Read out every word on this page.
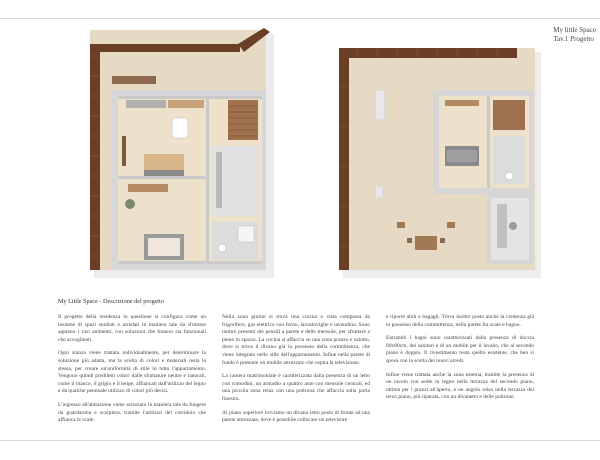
My little Space
Tav.1 Progetto
My Little Space - Descrizione del progetto

Il progetto della residenza in questione si configura come un insieme di spazi studiati e arredati in maniera tale da sfruttare appieno i vari ambienti, con soluzioni che fossero sia funzionali che accoglienti.

Ogni stanza viene trattata individualmente, per determinare la soluzione più adatta, ma la scelta di colori e materiali resta la stessa, per creare un'uniformità di stile in tutto l'appartamento. Vengono quindi prediletti colori dalle sfumature neutre e naturali, come il bianco, il grigio e il beige, affiancati dall'utilizzo del legno e da qualche pennnale utilizzo di colori più decisi.

L'ingresso all'abitazione viene arrezzato in maniera tale da fungere da guardaroba e scarpiera, tramite l'utilizzo del corridoio che affianca le scale.

Nella zona giorno si trova una cucina a vista composta da frigorifero, gas elettrico con forno, lavastoviglie e lavandino. Sono inoltre presenti dei pensili a parete e delle mensole, per sfruttare a pieno lo spazio. La cucina si affaccia su una zona pranzo e salotto, dove si trova il divano già in possesso della committenza, che viene integrato nello stile dell'appartamento. Infine nella parete di fondo è presente un mobile attrezzato che ospita la televisione.

La camera matrimoniale è caratterizzata dalla presenza di un letto con comodini, un armadio a quattro ante con mensole centrali, ed una piccola zona relax con una poltrona che affaccia sulla porta finestra.

Al piano superiore troviamo un divano letto posto di fronte ad una parete attrezzata, dove è possibile collocare un televisore

e riporre abiti e bagagli. Trova inoltre posto anche la credenza già in possesso della committenza, nella parete fra scale e bagno.

Entrambi i bagni sono caratterizzati dalla presenza di doccia 80x80cm, dei sanitari e di un mobile per il lavabo, che al secondo piano è doppio. Il rivestimento resta quello esistente, che ben si sposa con la scelta dei nuovi arredi.

Infine viene trattata anche la zona esterna, tramite la presenza di un tavolo con sedie in legno nella terrazza del secondo piano, ottima per i pranzi all'aperto, e un angolo relax nella terrazza del terzo piano, più riparata, con un divanetto e delle poltrone.
